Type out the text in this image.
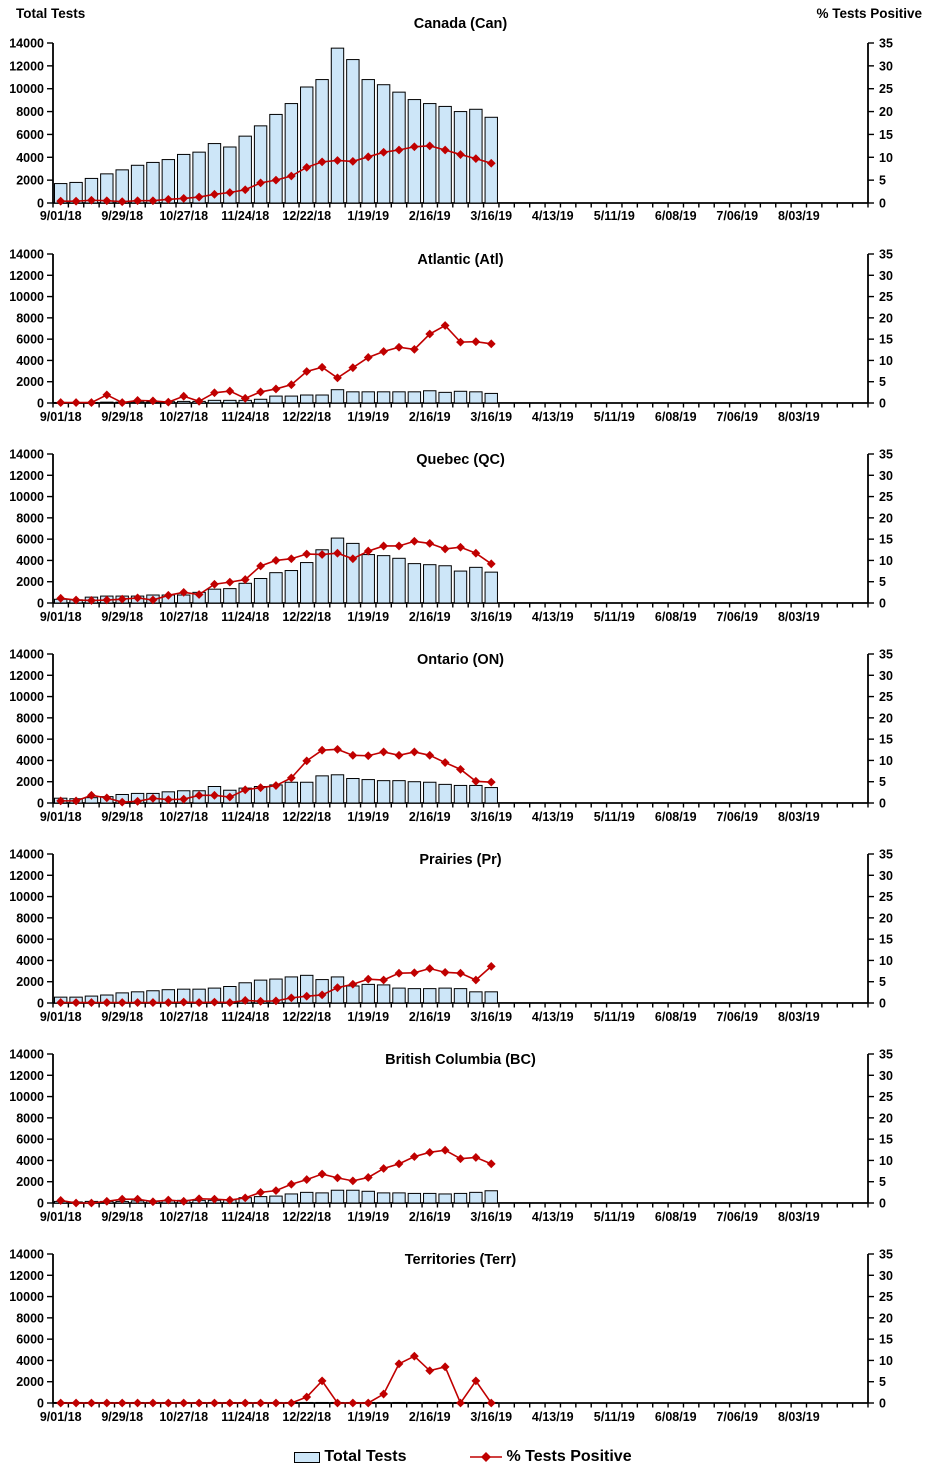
Total Tests	% Tests Positive
Canada (Can)
0
2000
4000
6000
8000
10000
12000
14000
0
5
10
15
20
25
30
35
9/01/18 9/29/18 10/27/18 11/24/18 12/22/18 1/19/19 2/16/19 3/16/19 4/13/19 5/11/19 6/08/19 7/06/19 8/03/19
Atlantic (Atl)
0
2000
4000
6000
8000
10000
12000
14000
0
5
10
15
20
25
30
35
9/01/18 9/29/18 10/27/18 11/24/18 12/22/18 1/19/19 2/16/19 3/16/19 4/13/19 5/11/19 6/08/19 7/06/19 8/03/19
Quebec (QC)
0
2000
4000
6000
8000
10000
12000
14000
0
5
10
15
20
25
30
35
9/01/18 9/29/18 10/27/18 11/24/18 12/22/18 1/19/19 2/16/19 3/16/19 4/13/19 5/11/19 6/08/19 7/06/19 8/03/19
Ontario (ON)
0
2000
4000
6000
8000
10000
12000
14000
0
5
10
15
20
25
30
35
9/01/18 9/29/18 10/27/18 11/24/18 12/22/18 1/19/19 2/16/19 3/16/19 4/13/19 5/11/19 6/08/19 7/06/19 8/03/19
Prairies (Pr)
0
2000
4000
6000
8000
10000
12000
14000
0
5
10
15
20
25
30
35
9/01/18 9/29/18 10/27/18 11/24/18 12/22/18 1/19/19 2/16/19 3/16/19 4/13/19 5/11/19 6/08/19 7/06/19 8/03/19
British Columbia (BC)
0
2000
4000
6000
8000
10000
12000
14000
0
5
10
15
20
25
30
35
9/01/18 9/29/18 10/27/18 11/24/18 12/22/18 1/19/19 2/16/19 3/16/19 4/13/19 5/11/19 6/08/19 7/06/19 8/03/19
Territories (Terr)
0
2000
4000
6000
8000
10000
12000
14000
0
5
10
15
20
25
30
35
9/01/18 9/29/18 10/27/18 11/24/18 12/22/18 1/19/19 2/16/19 3/16/19 4/13/19 5/11/19 6/08/19 7/06/19 8/03/19
Total Tests	% Tests Positive
